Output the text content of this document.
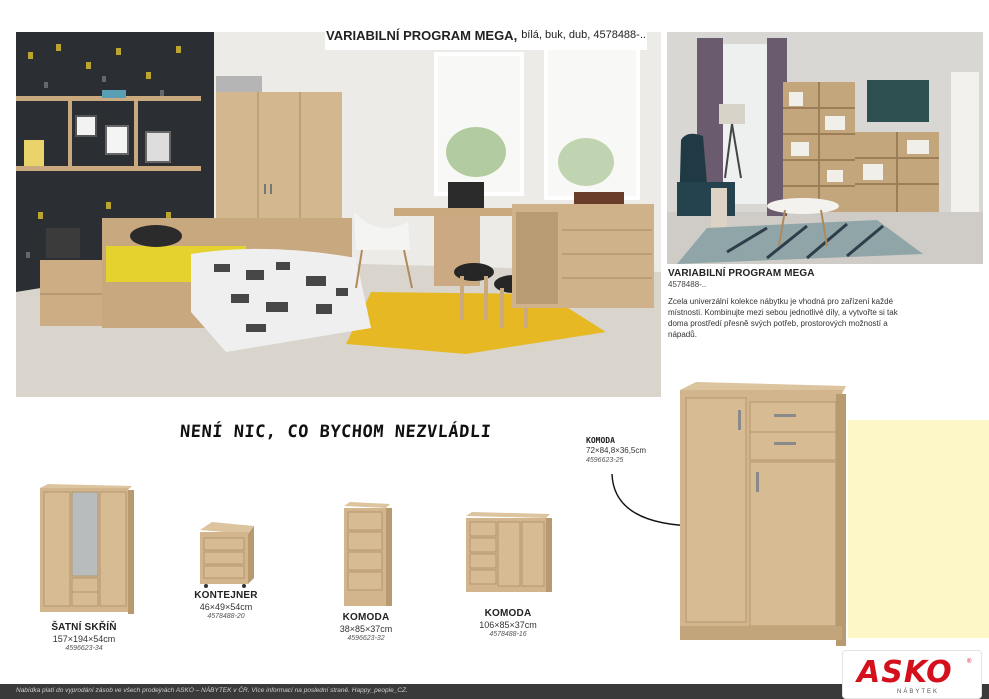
VARIABILNÍ PROGRAM MEGA, bílá, buk, dub, 4578488-..
VARIABILNÍ PROGRAM MEGA
4578488-..
Zcela univerzální kolekce nábytku je vhodná pro zařízení každé místnosti. Kombinujte mezi sebou jednotlivé díly, a vytvořte si tak doma prostředí přesně svých potřeb, prostorových možností a nápadů.
NENÍ NIC, CO BYCHOM NEZVLÁDLI	KOMODA
72×84,8×36,5cm
4596623-25
ŠATNÍ SKŘÍŇ
157×194×54cm
4596623-34
KONTEJNER
46×49×54cm
4578488-20	KOMODA
38×85×37cm
4596623-32
KOMODA
106×85×37cm
4578488-16
Nabídka platí do vyprodání zásob ve všech prodejnách ASKO – NÁBYTEK v ČR. Více informací na poslední straně. Happy_people_CZ.
ASKO ®
NÁBYTEK
